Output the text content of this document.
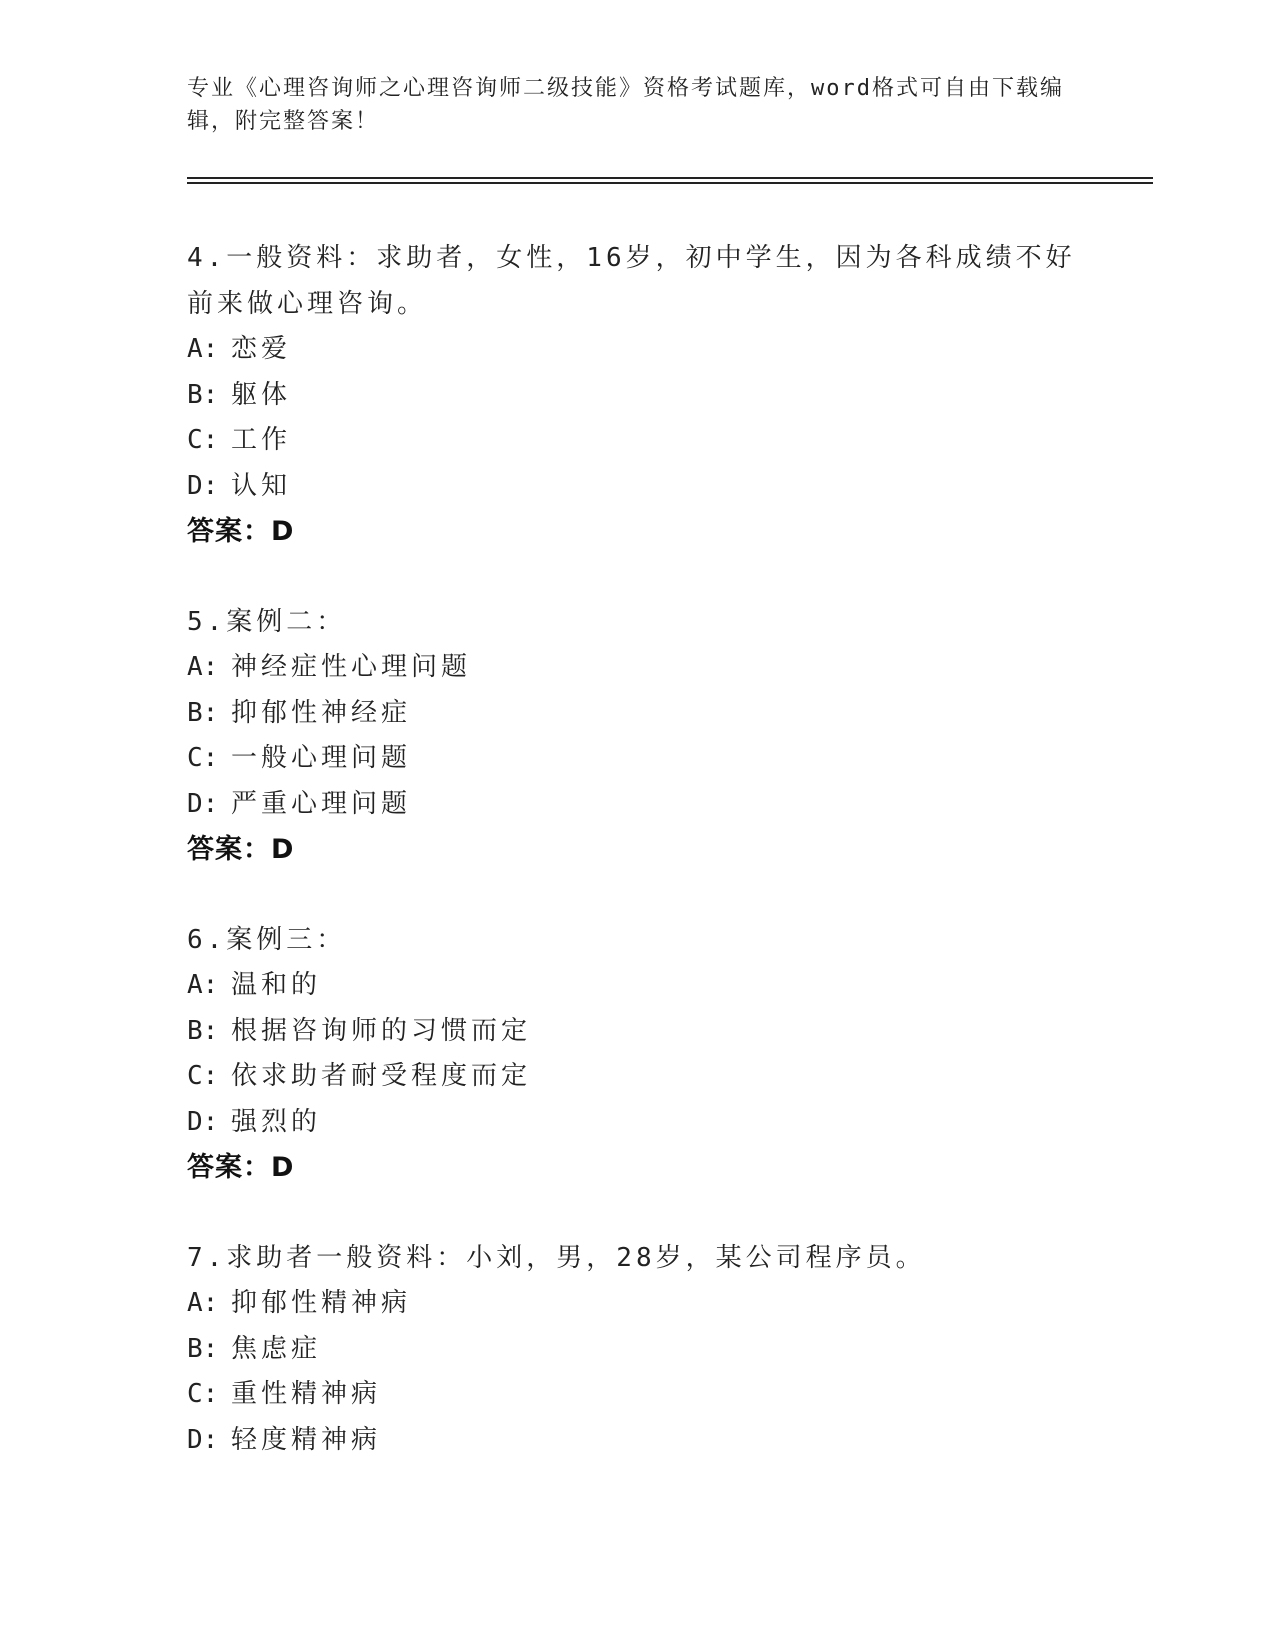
专业《心理咨询师之心理咨询师二级技能》资格考试题库，word格式可自由下载编辑，附完整答案！
4.一般资料：求助者，女性，16岁，初中学生，因为各科成绩不好前来做心理咨询。
A: 恋爱
B: 躯体
C: 工作
D: 认知
答案：D
5.案例二：
A: 神经症性心理问题
B: 抑郁性神经症
C: 一般心理问题
D: 严重心理问题
答案：D
6.案例三：
A: 温和的
B: 根据咨询师的习惯而定
C: 依求助者耐受程度而定
D: 强烈的
答案：D
7.求助者一般资料：小刘，男，28岁，某公司程序员。
A: 抑郁性精神病
B: 焦虑症
C: 重性精神病
D: 轻度精神病
